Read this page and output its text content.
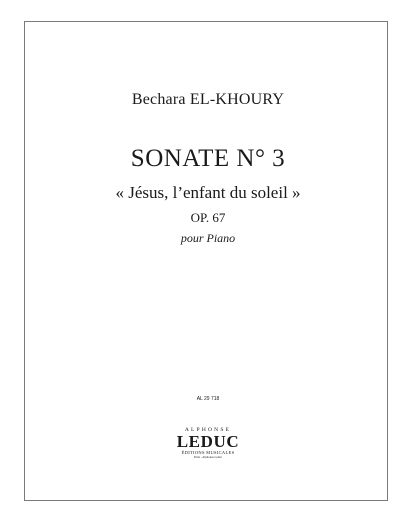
Bechara EL-KHOURY
SONATE N° 3
« Jésus, l’enfant du soleil »
OP. 67
pour Piano
AL 29 718
ALPHONSE
LEDUC
ÉDITIONS MUSICALES
Paris - Alphonse Leduc
